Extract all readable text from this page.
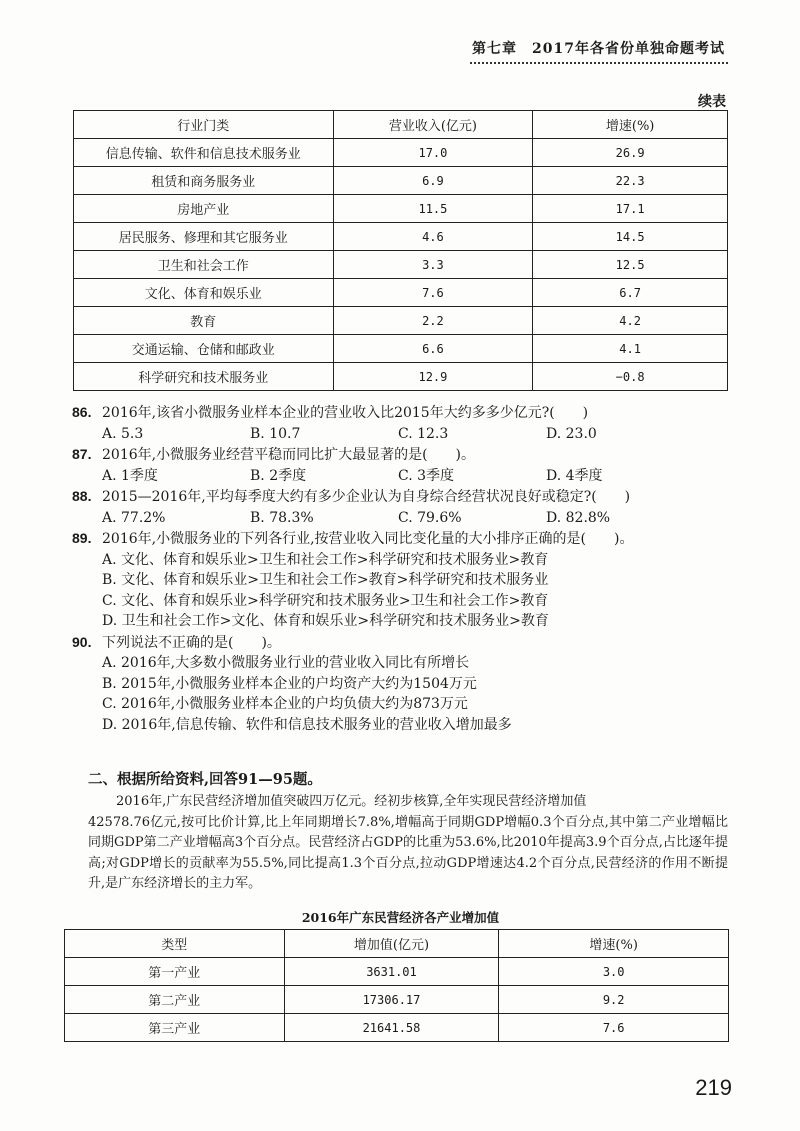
第七章　2017年各省份单独命题考试
续表
行业门类	营业收入(亿元)	增速(%)
信息传输、软件和信息技术服务业	17.0	26.9
租赁和商务服务业	6.9	22.3
房地产业	11.5	17.1
居民服务、修理和其它服务业	4.6	14.5
卫生和社会工作	3.3	12.5
文化、体育和娱乐业	7.6	6.7
教育	2.2	4.2
交通运输、仓储和邮政业	6.6	4.1
科学研究和技术服务业	12.9	−0.8
86. 2016年,该省小微服务业样本企业的营业收入比2015年大约多多少亿元?(　　)
A. 5.3	B. 10.7	C. 12.3	D. 23.0
87. 2016年,小微服务业经营平稳而同比扩大最显著的是(　　)。
A. 1季度	B. 2季度	C. 3季度	D. 4季度
88. 2015—2016年,平均每季度大约有多少企业认为自身综合经营状况良好或稳定?(　　)
A. 77.2%	B. 78.3%	C. 79.6%	D. 82.8%
89. 2016年,小微服务业的下列各行业,按营业收入同比变化量的大小排序正确的是(　　)。
A. 文化、体育和娱乐业>卫生和社会工作>科学研究和技术服务业>教育
B. 文化、体育和娱乐业>卫生和社会工作>教育>科学研究和技术服务业
C. 文化、体育和娱乐业>科学研究和技术服务业>卫生和社会工作>教育
D. 卫生和社会工作>文化、体育和娱乐业>科学研究和技术服务业>教育
90. 下列说法不正确的是(　　)。
A. 2016年,大多数小微服务业行业的营业收入同比有所增长
B. 2015年,小微服务业样本企业的户均资产大约为1504万元
C. 2016年,小微服务业样本企业的户均负债大约为873万元
D. 2016年,信息传输、软件和信息技术服务业的营业收入增加最多
二、根据所给资料,回答91—95题。
2016年,广东民营经济增加值突破四万亿元。经初步核算,全年实现民营经济增加值
42578.76亿元,按可比价计算,比上年同期增长7.8%,增幅高于同期GDP增幅0.3个百分点,其中第二产业增幅比同期GDP第二产业增幅高3个百分点。民营经济占GDP的比重为53.6%,比2010年提高3.9个百分点,占比逐年提高;对GDP增长的贡献率为55.5%,同比提高1.3个百分点,拉动GDP增速达4.2个百分点,民营经济的作用不断提升,是广东经济增长的主力军。
2016年广东民营经济各产业增加值
类型	增加值(亿元)	增速(%)
第一产业	3631.01	3.0
第二产业	17306.17	9.2
第三产业	21641.58	7.6
219
